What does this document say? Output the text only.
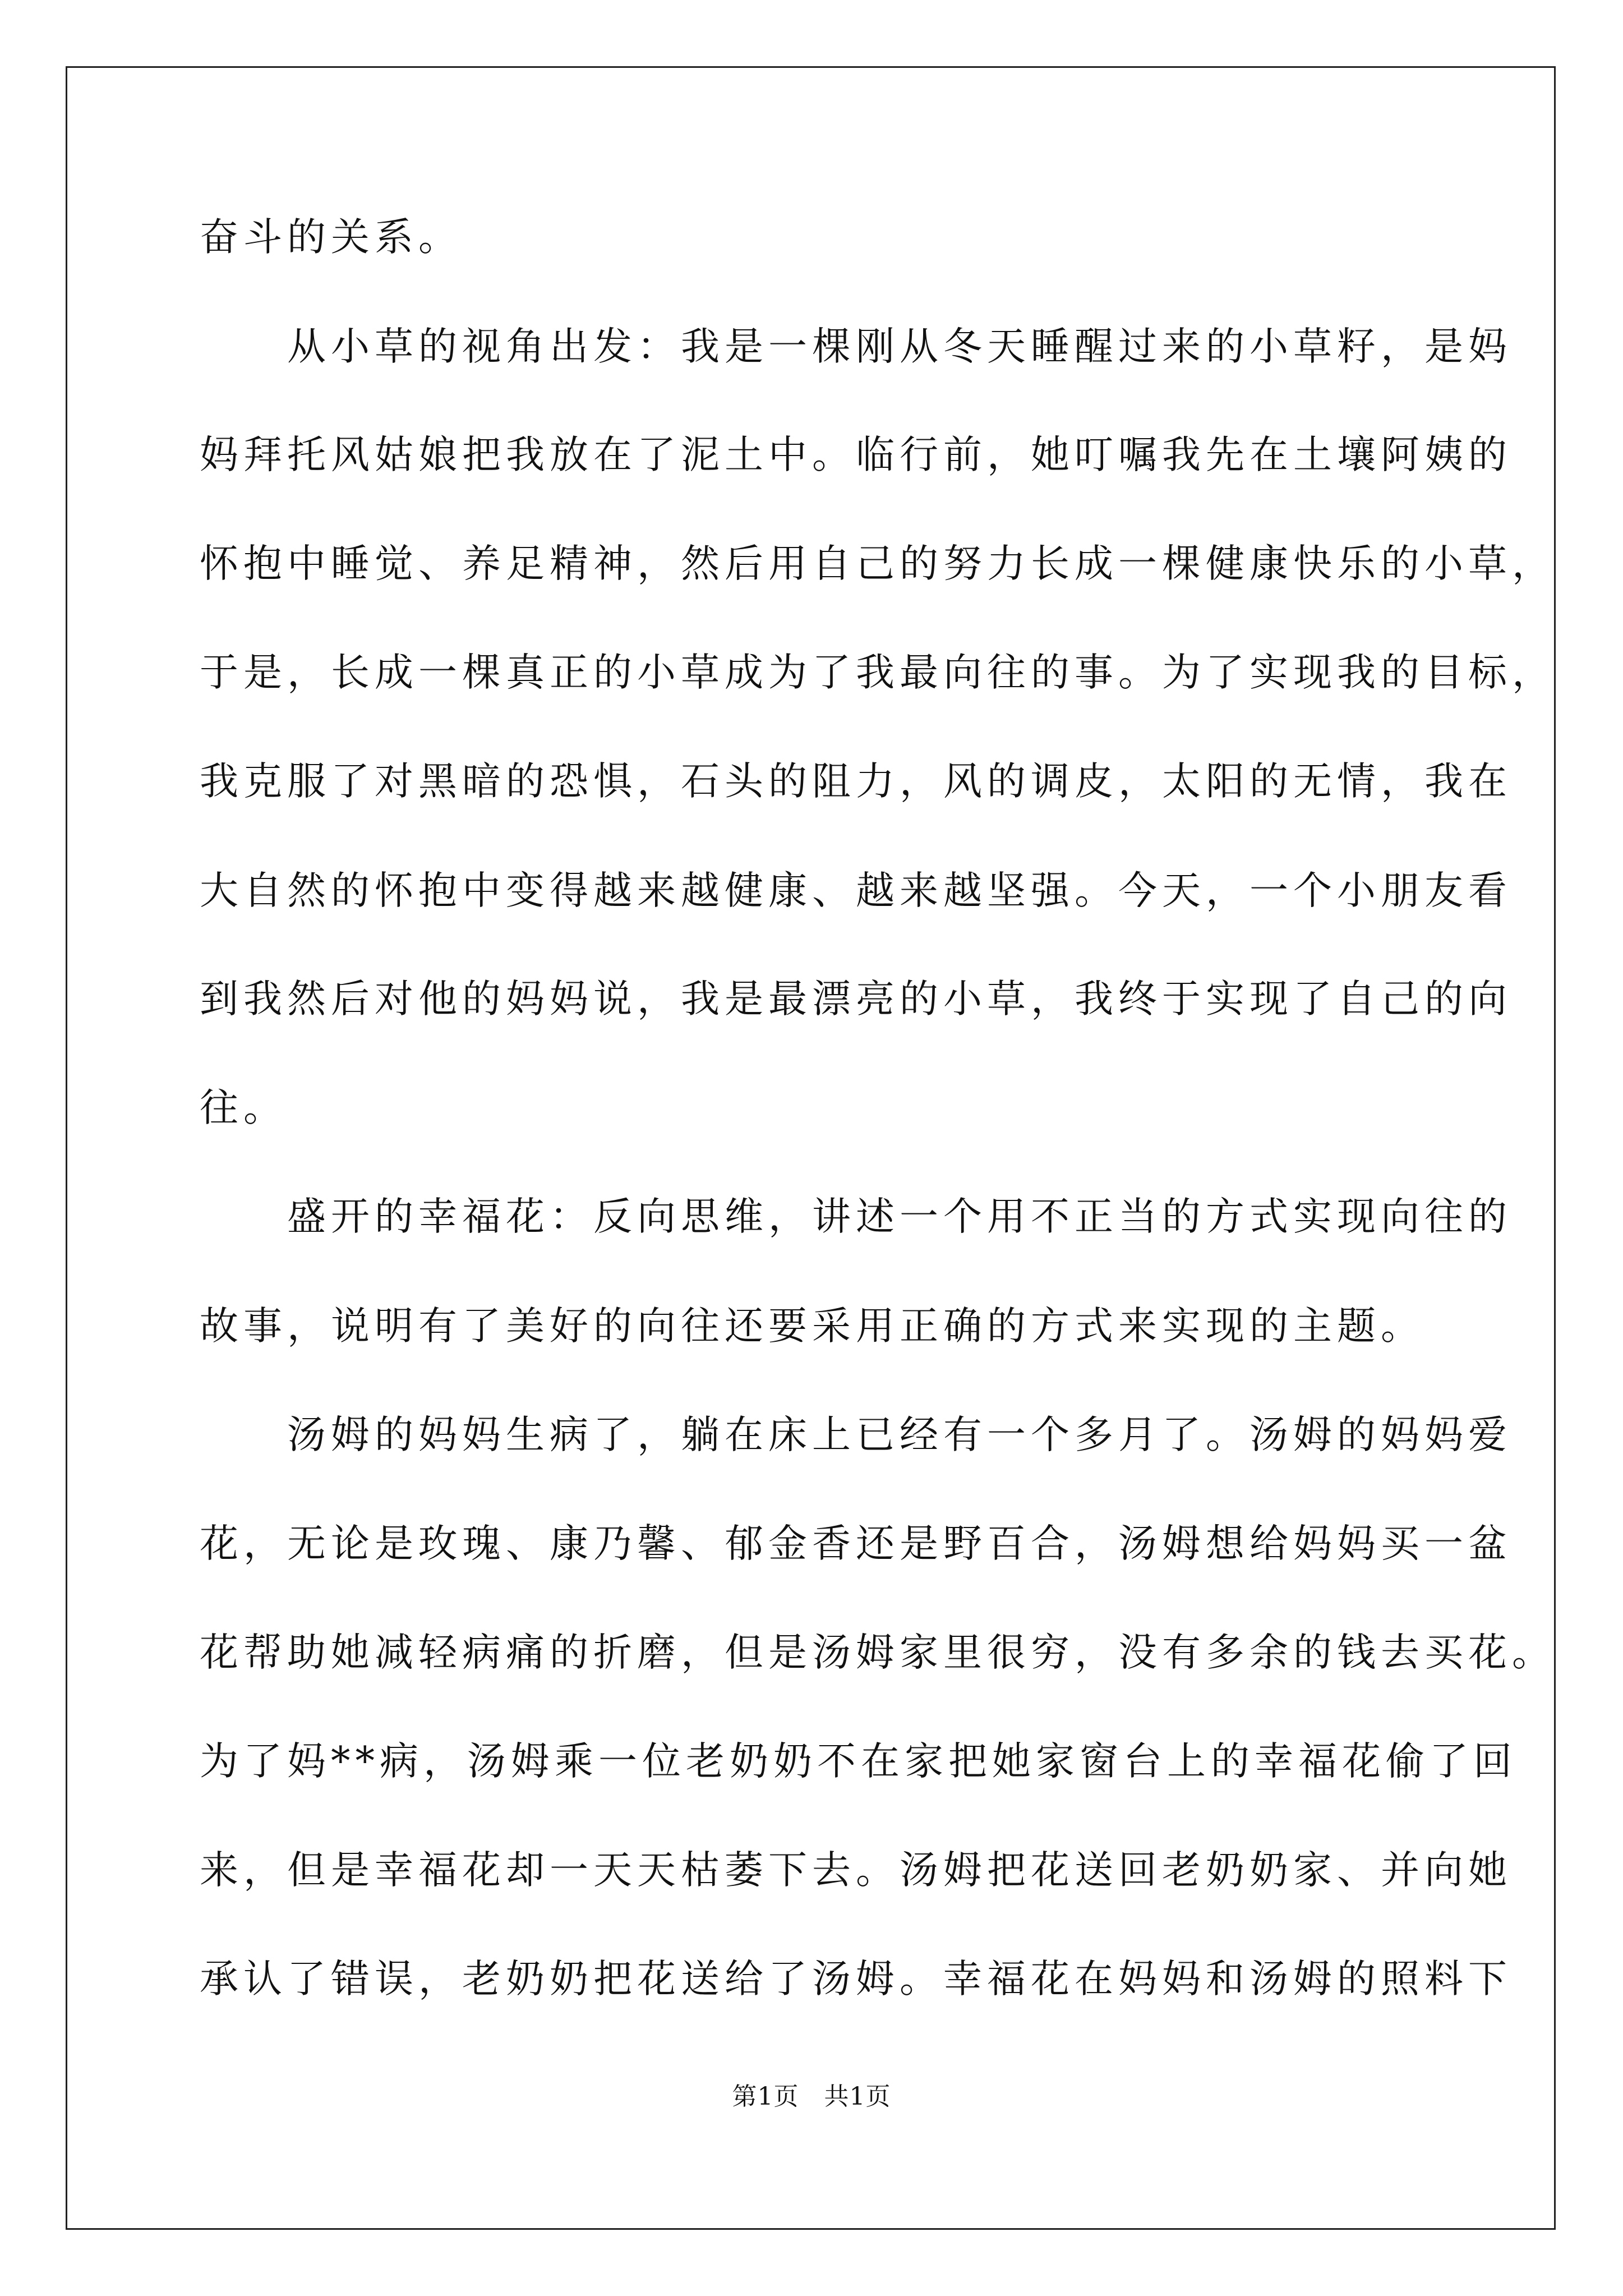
奋斗的关系。
　　从小草的视角出发：我是一棵刚从冬天睡醒过来的小草籽，是妈
妈拜托风姑娘把我放在了泥土中。临行前，她叮嘱我先在土壤阿姨的
怀抱中睡觉、养足精神，然后用自己的努力长成一棵健康快乐的小草，
于是，长成一棵真正的小草成为了我最向往的事。为了实现我的目标，
我克服了对黑暗的恐惧，石头的阻力，风的调皮，太阳的无情，我在
大自然的怀抱中变得越来越健康、越来越坚强。今天，一个小朋友看
到我然后对他的妈妈说，我是最漂亮的小草，我终于实现了自己的向
往。
　　盛开的幸福花：反向思维，讲述一个用不正当的方式实现向往的
故事，说明有了美好的向往还要采用正确的方式来实现的主题。
　　汤姆的妈妈生病了，躺在床上已经有一个多月了。汤姆的妈妈爱
花，无论是玫瑰、康乃馨、郁金香还是野百合，汤姆想给妈妈买一盆
花帮助她减轻病痛的折磨，但是汤姆家里很穷，没有多余的钱去买花。
为了妈**病，汤姆乘一位老奶奶不在家把她家窗台上的幸福花偷了回
来，但是幸福花却一天天枯萎下去。汤姆把花送回老奶奶家、并向她
承认了错误，老奶奶把花送给了汤姆。幸福花在妈妈和汤姆的照料下
第1页 共1页
